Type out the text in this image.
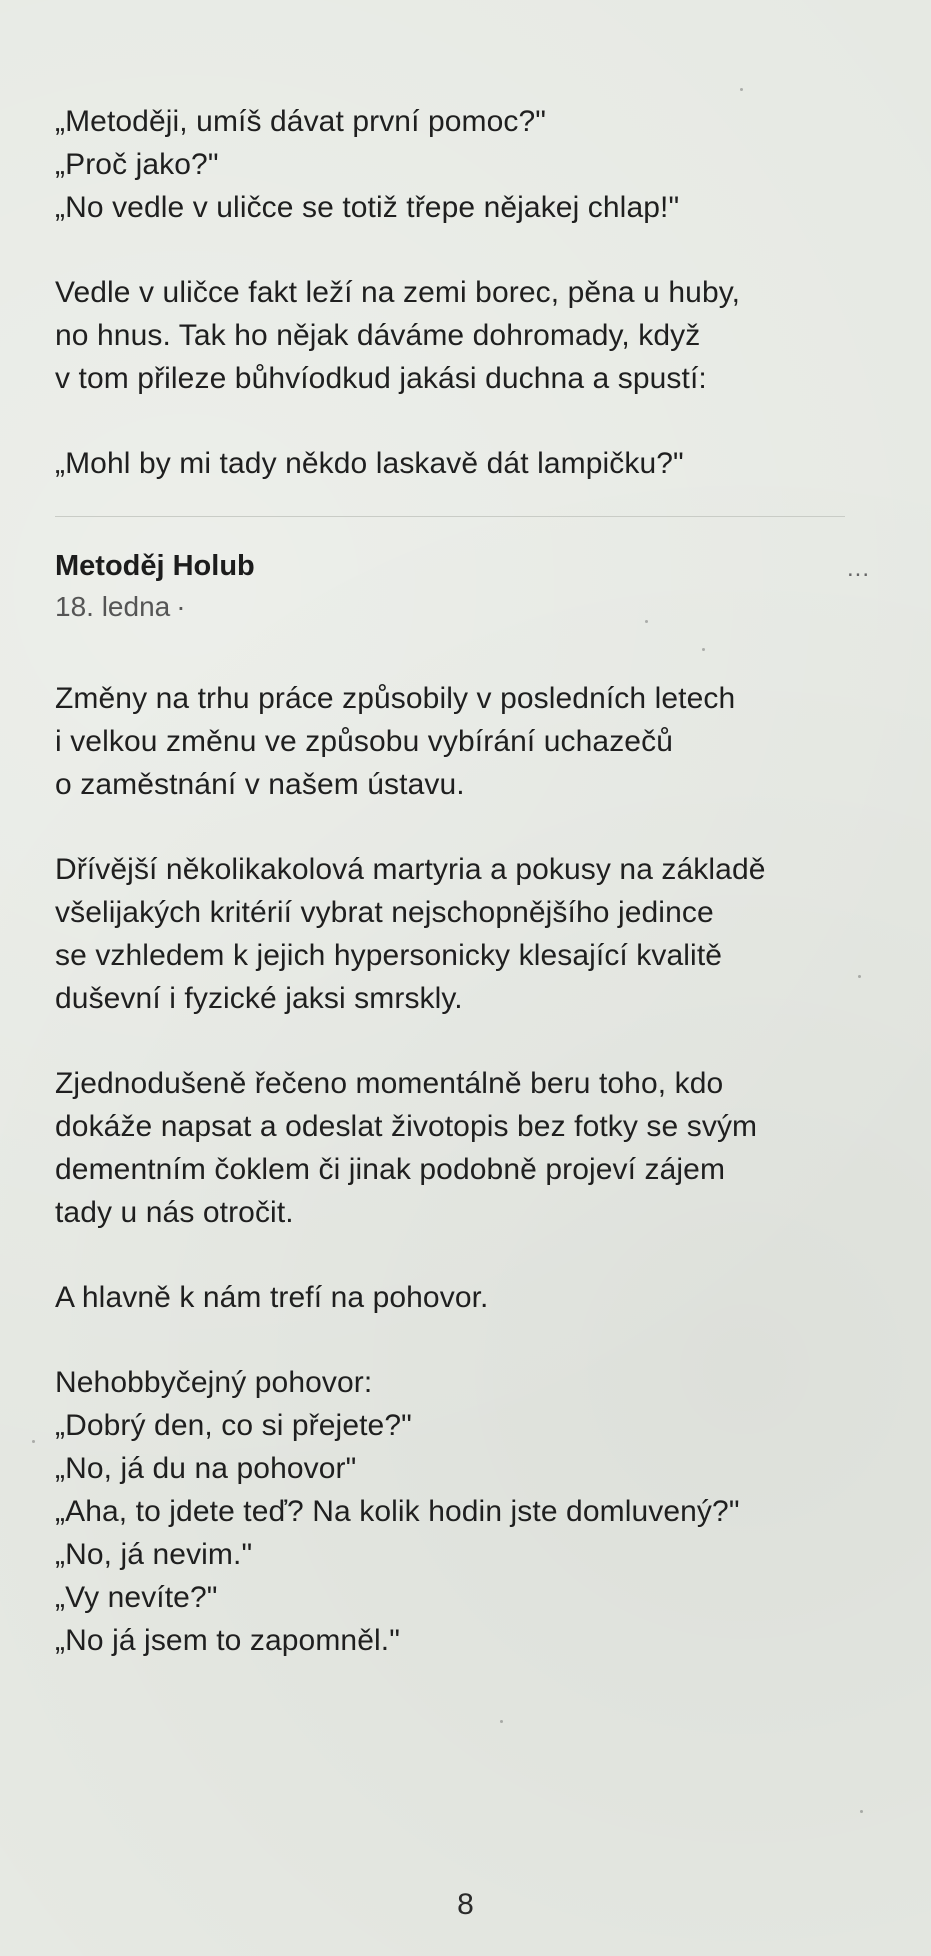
„Metoději, umíš dávat první pomoc?"
„Proč jako?"
„No vedle v uličce se totiž třepe nějakej chlap!"
Vedle v uličce fakt leží na zemi borec, pěna u huby,
no hnus. Tak ho nějak dáváme dohromady, když
v tom přileze bůhvíodkud jakási duchna a spustí:
„Mohl by mi tady někdo laskavě dát lampičku?"
Metoděj Holub
18. ledna ·
...
Změny na trhu práce způsobily v posledních letech
i velkou změnu ve způsobu vybírání uchazečů
o zaměstnání v našem ústavu.
Dřívější několikakolová martyria a pokusy na základě
všelijakých kritérií vybrat nejschopnějšího jedince
se vzhledem k jejich hypersonicky klesající kvalitě
duševní i fyzické jaksi smrskly.
Zjednodušeně řečeno momentálně beru toho, kdo
dokáže napsat a odeslat životopis bez fotky se svým
dementním čoklem či jinak podobně projeví zájem
tady u nás otročit.
A hlavně k nám trefí na pohovor.
Nehobbyčejný pohovor:
„Dobrý den, co si přejete?"
„No, já du na pohovor"
„Aha, to jdete teď? Na kolik hodin jste domluvený?"
„No, já nevim."
„Vy nevíte?"
„No já jsem to zapomněl."
8
